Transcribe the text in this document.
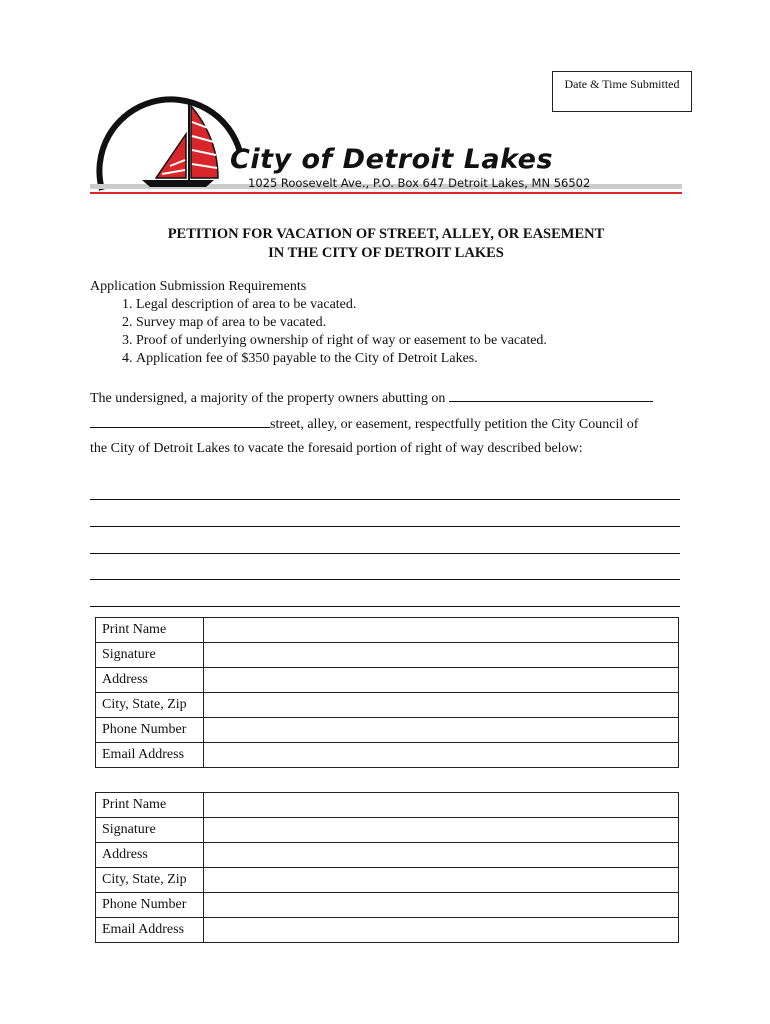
Date & Time Submitted
City of Detroit Lakes
1025 Roosevelt Ave., P.O. Box 647 Detroit Lakes, MN 56502
PETITION FOR VACATION OF STREET, ALLEY, OR EASEMENT
IN THE CITY OF DETROIT LAKES
Application Submission Requirements
1. Legal description of area to be vacated.
2. Survey map of area to be vacated.
3. Proof of underlying ownership of right of way or easement to be vacated.
4. Application fee of $350 payable to the City of Detroit Lakes.
The undersigned, a majority of the property owners abutting on
street, alley, or easement, respectfully petition the City Council of
the City of Detroit Lakes to vacate the foresaid portion of right of way described below:
Print Name	
Signature	
Address	
City, State, Zip	
Phone Number	
Email Address	
Print Name	
Signature	
Address	
City, State, Zip	
Phone Number	
Email Address	
